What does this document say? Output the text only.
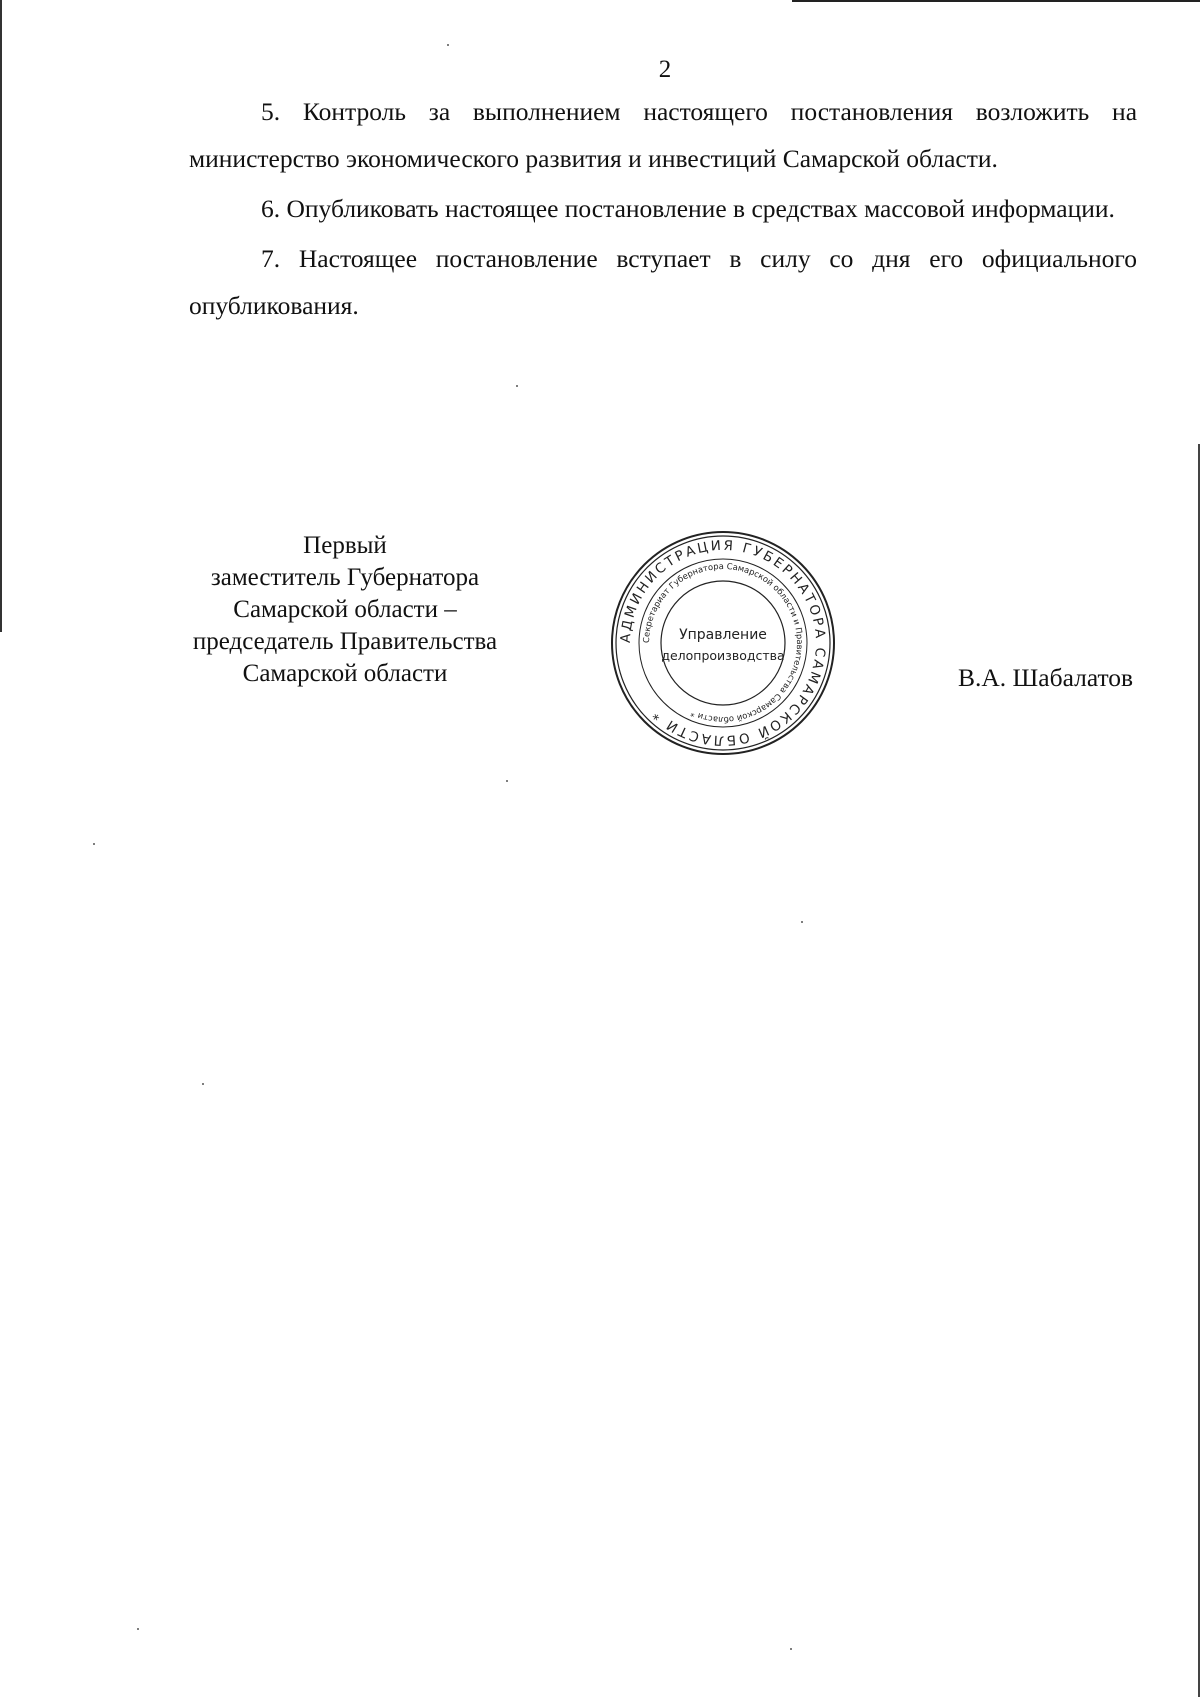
2

5. Контроль за выполнением настоящего постановления возложить на министерство экономического развития и инвестиций Самарской области.

6. Опубликовать настоящее постановление в средствах массовой информации.

7. Настоящее постановление вступает в силу со дня его официального опубликования.

Первый
заместитель Губернатора
Самарской области –
председатель Правительства
Самарской области
АДМИНИСТРАЦИЯ ГУБЕРНАТОРА САМАРСКОЙ ОБЛАСТИ *
Секретариат Губернатора Самарской области и Правительства Самарской области *
Управление
делопроизводства
В.А. Шабалатов
